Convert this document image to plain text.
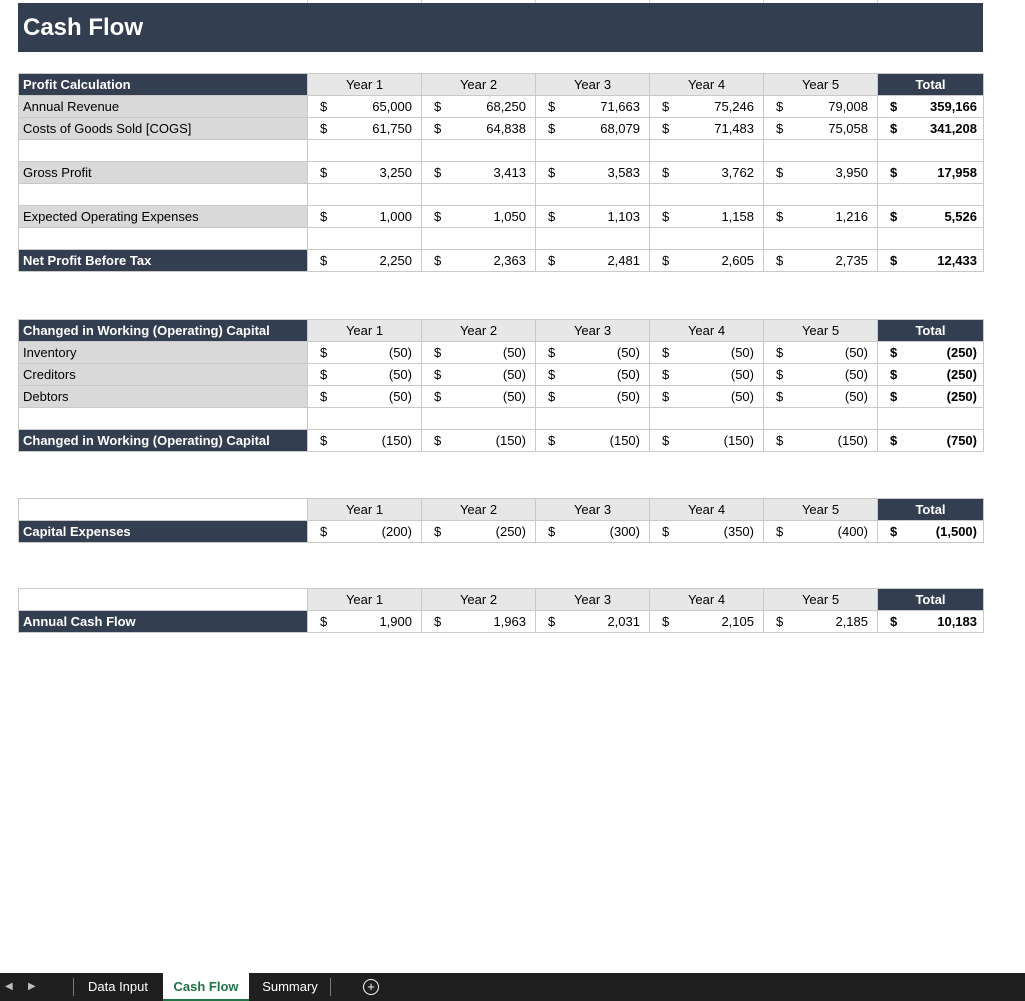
Cash Flow
Profit Calculation	Year 1	Year 2	Year 3	Year 4	Year 5	Total
Annual Revenue	$ 65,000	$ 68,250	$ 71,663	$ 75,246	$ 79,008	$ 359,166

Costs of Goods Sold [COGS]	$ 61,750	$ 64,838	$ 68,079	$ 71,483	$ 75,058	$ 341,208

Gross Profit	$ 3,250	$ 3,413	$ 3,583	$ 3,762	$ 3,950	$ 17,958

Expected Operating Expenses	$ 1,000	$ 1,050	$ 1,103	$ 1,158	$ 1,216	$ 5,526

Net Profit Before Tax	$ 2,250	$ 2,363	$ 2,481	$ 2,605	$ 2,735	$ 12,433
Changed in Working (Operating) Capital	Year 1	Year 2	Year 3	Year 4	Year 5	Total
Inventory	$ (50)	$ (50)	$ (50)	$ (50)	$ (50)	$ (250)

Creditors	$ (50)	$ (50)	$ (50)	$ (50)	$ (50)	$ (250)

Debtors	$ (50)	$ (50)	$ (50)	$ (50)	$ (50)	$ (250)

Changed in Working (Operating) Capital	$ (150)	$ (150)	$ (150)	$ (150)	$ (150)	$ (750)
	Year 1	Year 2	Year 3	Year 4	Year 5	Total
Capital Expenses	$ (200)	$ (250)	$ (300)	$ (350)	$ (400)	$ (1,500)
	Year 1	Year 2	Year 3	Year 4	Year 5	Total
Annual Cash Flow	$ 1,900	$ 1,963	$ 2,031	$ 2,105	$ 2,185	$ 10,183
◀ ▶	Data Input	Cash Flow	Summary	+
